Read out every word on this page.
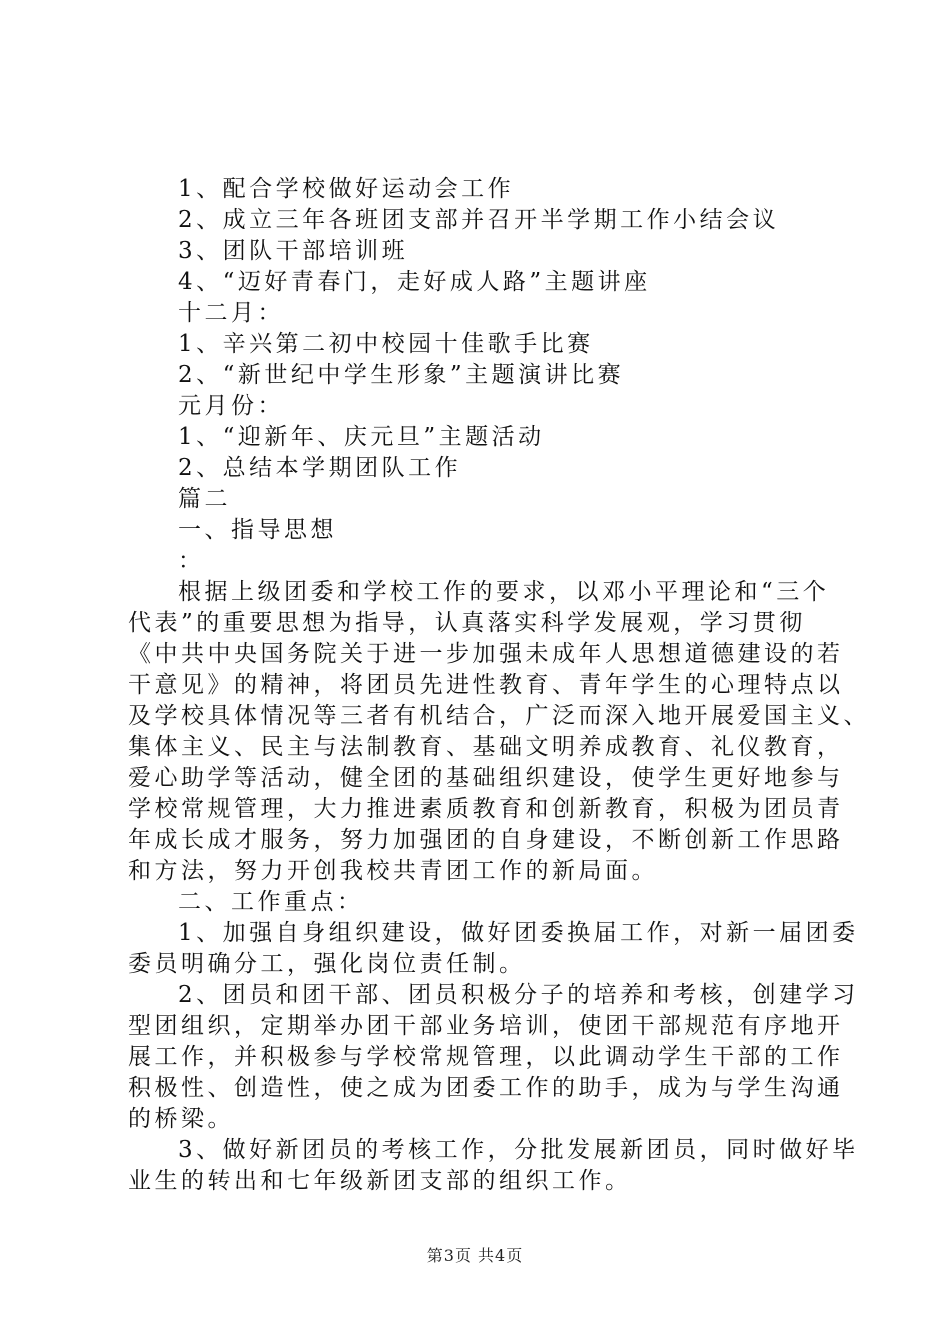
1、配合学校做好运动会工作
2、成立三年各班团支部并召开半学期工作小结会议
3、团队干部培训班
4、“迈好青春门，走好成人路”主题讲座
十二月：
1、辛兴第二初中校园十佳歌手比赛
2、“新世纪中学生形象”主题演讲比赛
元月份：
1、“迎新年、庆元旦”主题活动
2、总结本学期团队工作
篇二
一、指导思想
：
根据上级团委和学校工作的要求，以邓小平理论和“三个
代表”的重要思想为指导，认真落实科学发展观，学习贯彻
《中共中央国务院关于进一步加强未成年人思想道德建设的若
干意见》的精神，将团员先进性教育、青年学生的心理特点以
及学校具体情况等三者有机结合，广泛而深入地开展爱国主义、
集体主义、民主与法制教育、基础文明养成教育、礼仪教育，
爱心助学等活动，健全团的基础组织建设，使学生更好地参与
学校常规管理，大力推进素质教育和创新教育，积极为团员青
年成长成才服务，努力加强团的自身建设，不断创新工作思路
和方法，努力开创我校共青团工作的新局面。
二、工作重点：
1、加强自身组织建设，做好团委换届工作，对新一届团委
委员明确分工，强化岗位责任制。
2、团员和团干部、团员积极分子的培养和考核，创建学习
型团组织，定期举办团干部业务培训，使团干部规范有序地开
展工作，并积极参与学校常规管理，以此调动学生干部的工作
积极性、创造性，使之成为团委工作的助手，成为与学生沟通
的桥梁。
3、做好新团员的考核工作，分批发展新团员，同时做好毕
业生的转出和七年级新团支部的组织工作。
第3页 共4页
